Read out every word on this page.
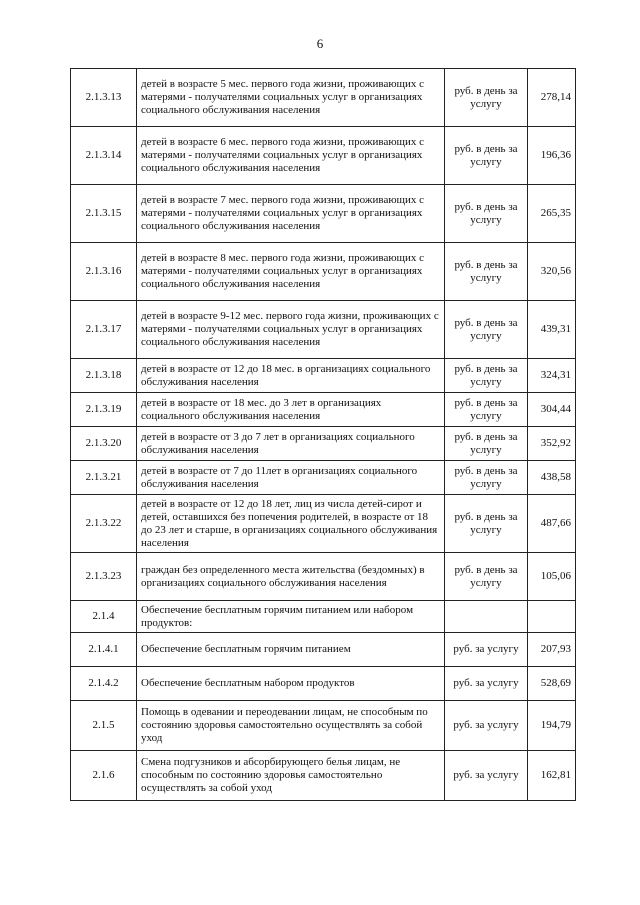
6
2.1.3.13	детей в возрасте 5 мес. первого года жизни, проживающих с матерями - получателями социальных услуг в организациях социального обслуживания населения	руб. в день за услугу	278,14
2.1.3.14	детей в возрасте 6 мес. первого года жизни, проживающих с матерями - получателями социальных услуг в организациях социального обслуживания населения	руб. в день за услугу	196,36
2.1.3.15	детей в возрасте 7 мес. первого года жизни, проживающих с матерями - получателями социальных услуг в организациях социального обслуживания населения	руб. в день за услугу	265,35
2.1.3.16	детей в возрасте 8 мес. первого года жизни, проживающих с матерями - получателями социальных услуг в организациях социального обслуживания населения	руб. в день за услугу	320,56
2.1.3.17	детей в возрасте 9-12 мес. первого года жизни, проживающих с матерями - получателями социальных услуг в организациях социального обслуживания населения	руб. в день за услугу	439,31
2.1.3.18	детей в возрасте от 12 до 18 мес. в организациях социального обслуживания населения	руб. в день за услугу	324,31
2.1.3.19	детей в возрасте от 18 мес. до 3 лет в организациях социального обслуживания населения	руб. в день за услугу	304,44
2.1.3.20	детей в возрасте от 3 до 7 лет в организациях социального обслуживания населения	руб. в день за услугу	352,92
2.1.3.21	детей в возрасте от 7 до 11лет в организациях социального обслуживания населения	руб. в день за услугу	438,58
2.1.3.22	детей в возрасте от 12 до 18 лет, лиц из числа детей-сирот и детей, оставшихся без попечения родителей, в возрасте от 18 до 23 лет и старше, в организациях социального обслуживания населения	руб. в день за услугу	487,66
2.1.3.23	граждан без определенного места жительства (бездомных) в организациях социального обслуживания населения	руб. в день за услугу	105,06
2.1.4	Обеспечение бесплатным горячим питанием или набором продуктов:		
2.1.4.1	Обеспечение бесплатным горячим питанием	руб. за услугу	207,93
2.1.4.2	Обеспечение бесплатным набором продуктов	руб. за услугу	528,69
2.1.5	Помощь в одевании и переодевании лицам, не способным по состоянию здоровья самостоятельно осуществлять за собой уход	руб. за услугу	194,79
2.1.6	Смена подгузников и абсорбирующего белья лицам, не способным по состоянию здоровья самостоятельно осуществлять за собой уход	руб. за услугу	162,81
